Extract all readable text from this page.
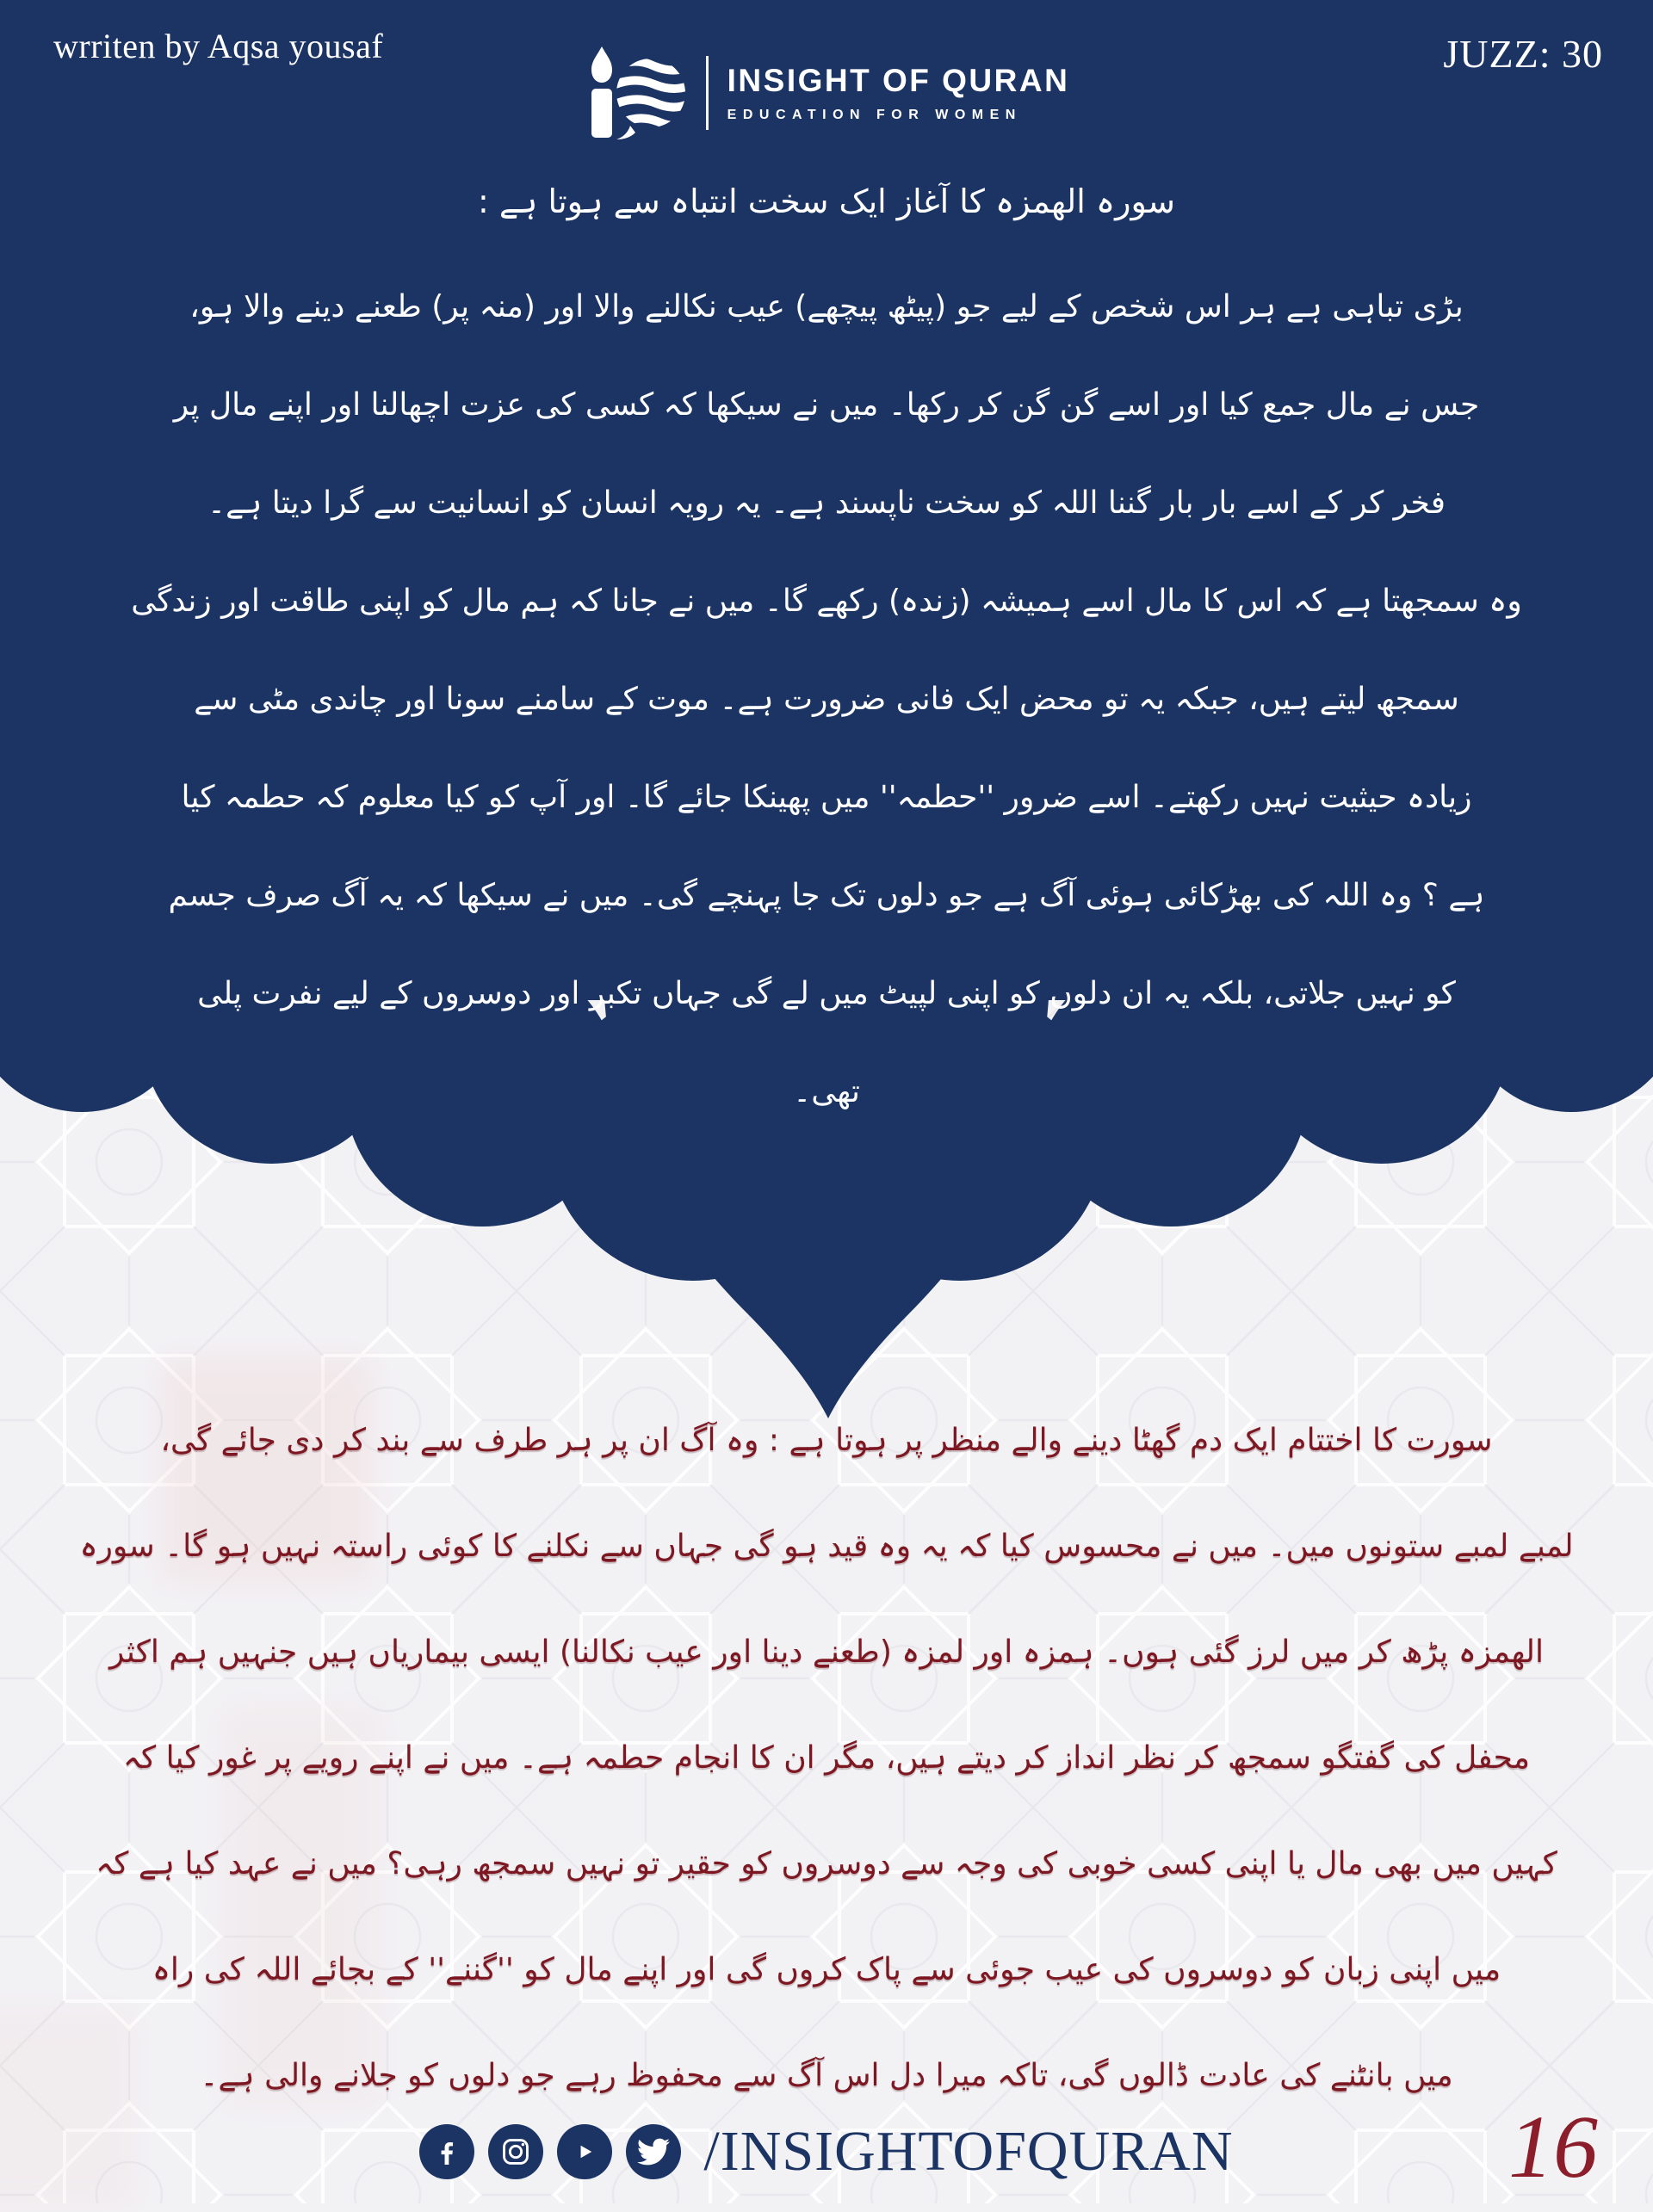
wrriten by Aqsa yousaf	JUZZ: 30
INSIGHT OF QURAN
EDUCATION FOR WOMEN
سورہ الھمزہ کا آغاز ایک سخت انتباہ سے ہوتا ہے :
بڑی تباہی ہے ہر اس شخص کے لیے جو (پیٹھ پیچھے) عیب نکالنے والا اور (منہ پر) طعنے دینے والا ہو،
جس نے مال جمع کیا اور اسے گن گن کر رکھا۔ میں نے سیکھا کہ کسی کی عزت اچھالنا اور اپنے مال پر
فخر کر کے اسے بار بار گننا اللہ کو سخت ناپسند ہے۔ یہ رویہ انسان کو انسانیت سے گرا دیتا ہے۔
وہ سمجھتا ہے کہ اس کا مال اسے ہمیشہ (زندہ) رکھے گا۔ میں نے جانا کہ ہم مال کو اپنی طاقت اور زندگی
سمجھ لیتے ہیں، جبکہ یہ تو محض ایک فانی ضرورت ہے۔ موت کے سامنے سونا اور چاندی مٹی سے
زیادہ حیثیت نہیں رکھتے۔ اسے ضرور ''حطمہ'' میں پھینکا جائے گا۔ اور آپ کو کیا معلوم کہ حطمہ کیا
ہے ؟ وہ اللہ کی بھڑکائی ہوئی آگ ہے جو دلوں تک جا پہنچے گی۔ میں نے سیکھا کہ یہ آگ صرف جسم
کو نہیں جلاتی، بلکہ یہ ان دلوں کو اپنی لپیٹ میں لے گی جہاں تکبر اور دوسروں کے لیے نفرت پلی
تھی۔
سورت کا اختتام ایک دم گھٹا دینے والے منظر پر ہوتا ہے : وہ آگ ان پر ہر طرف سے بند کر دی جائے گی،
لمبے لمبے ستونوں میں۔ میں نے محسوس کیا کہ یہ وہ قید ہو گی جہاں سے نکلنے کا کوئی راستہ نہیں ہو گا۔ سورہ
الھمزہ پڑھ کر میں لرز گئی ہوں۔ ہمزہ اور لمزہ (طعنے دینا اور عیب نکالنا) ایسی بیماریاں ہیں جنہیں ہم اکثر
محفل کی گفتگو سمجھ کر نظر انداز کر دیتے ہیں، مگر ان کا انجام حطمہ ہے۔ میں نے اپنے رویے پر غور کیا کہ
کہیں میں بھی مال یا اپنی کسی خوبی کی وجہ سے دوسروں کو حقیر تو نہیں سمجھ رہی؟ میں نے عہد کیا ہے کہ
میں اپنی زبان کو دوسروں کی عیب جوئی سے پاک کروں گی اور اپنے مال کو ''گننے'' کے بجائے اللہ کی راہ
میں بانٹنے کی عادت ڈالوں گی، تاکہ میرا دل اس آگ سے محفوظ رہے جو دلوں کو جلانے والی ہے۔
/INSIGHTOFQURAN	16
